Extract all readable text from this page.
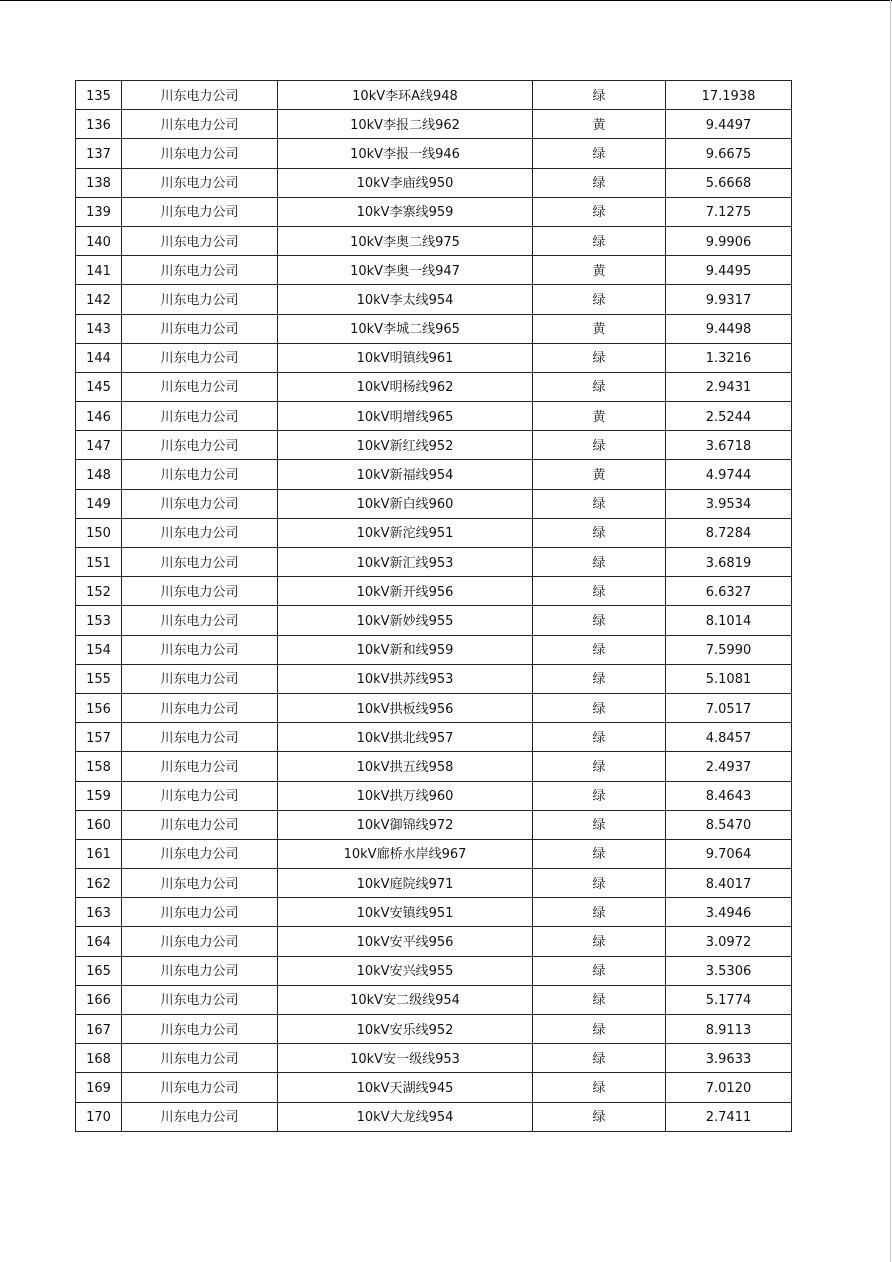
135	川东电力公司	10kV李环A线948	绿	17.1938
136	川东电力公司	10kV李报二线962	黄	9.4497
137	川东电力公司	10kV李报一线946	绿	9.6675
138	川东电力公司	10kV李庙线950	绿	5.6668
139	川东电力公司	10kV李寨线959	绿	7.1275
140	川东电力公司	10kV李奥二线975	绿	9.9906
141	川东电力公司	10kV李奥一线947	黄	9.4495
142	川东电力公司	10kV李太线954	绿	9.9317
143	川东电力公司	10kV李城二线965	黄	9.4498
144	川东电力公司	10kV明镇线961	绿	1.3216
145	川东电力公司	10kV明杨线962	绿	2.9431
146	川东电力公司	10kV明增线965	黄	2.5244
147	川东电力公司	10kV新红线952	绿	3.6718
148	川东电力公司	10kV新福线954	黄	4.9744
149	川东电力公司	10kV新白线960	绿	3.9534
150	川东电力公司	10kV新沱线951	绿	8.7284
151	川东电力公司	10kV新汇线953	绿	3.6819
152	川东电力公司	10kV新开线956	绿	6.6327
153	川东电力公司	10kV新妙线955	绿	8.1014
154	川东电力公司	10kV新和线959	绿	7.5990
155	川东电力公司	10kV拱苏线953	绿	5.1081
156	川东电力公司	10kV拱板线956	绿	7.0517
157	川东电力公司	10kV拱北线957	绿	4.8457
158	川东电力公司	10kV拱五线958	绿	2.4937
159	川东电力公司	10kV拱万线960	绿	8.4643
160	川东电力公司	10kV御锦线972	绿	8.5470
161	川东电力公司	10kV廊桥水岸线967	绿	9.7064
162	川东电力公司	10kV庭院线971	绿	8.4017
163	川东电力公司	10kV安镇线951	绿	3.4946
164	川东电力公司	10kV安平线956	绿	3.0972
165	川东电力公司	10kV安兴线955	绿	3.5306
166	川东电力公司	10kV安二级线954	绿	5.1774
167	川东电力公司	10kV安乐线952	绿	8.9113
168	川东电力公司	10kV安一级线953	绿	3.9633
169	川东电力公司	10kV天湖线945	绿	7.0120
170	川东电力公司	10kV大龙线954	绿	2.7411
